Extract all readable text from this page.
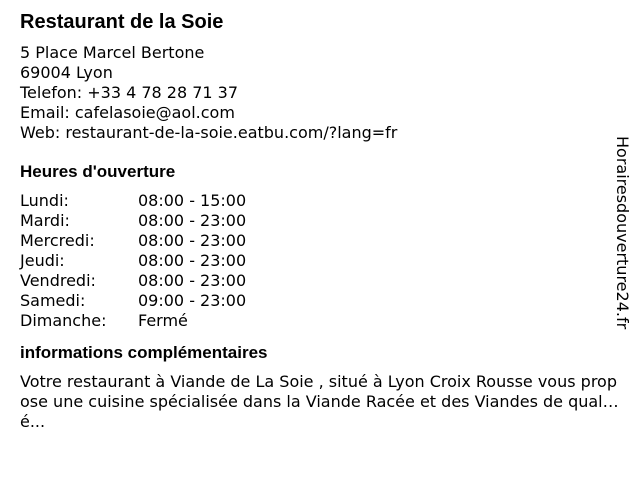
Restaurant de la Soie
5 Place Marcel Bertone
69004 Lyon
Telefon: +33 4 78 28 71 37
Email: cafelasoie@aol.com
Web: restaurant-de-la-soie.eatbu.com/?lang=fr
Heures d'ouverture
Lundi:	08:00 - 15:00
Mardi:	08:00 - 23:00
Mercredi:	08:00 - 23:00
Jeudi:	08:00 - 23:00
Vendredi:	08:00 - 23:00
Samedi:	09:00 - 23:00
Dimanche:	Fermé
informations complémentaires
Votre restaurant à Viande de La Soie , situé à Lyon Croix Rousse vous propose une cuisine spécialisée dans la Viande Racée et des Viandes de qualité...
Horairesdouverture24.fr
